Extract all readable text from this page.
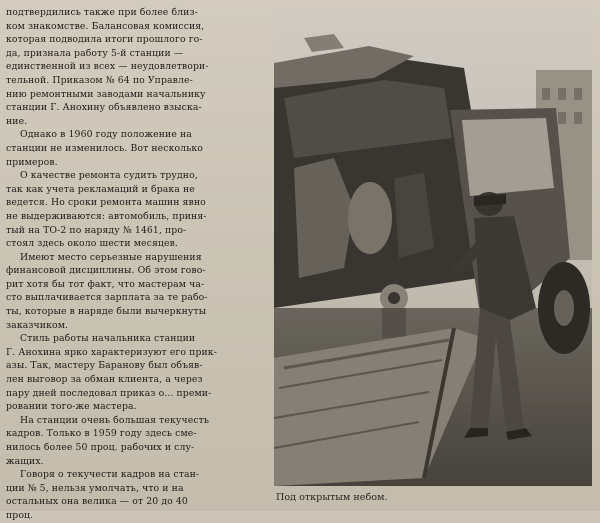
подтвердились также при более близ-
ком знакомстве. Балансовая комиссия,
которая подводила итоги прошлого го-
да, признала работу 5-й станции —
единственной из всех — неудовлетвори-
тельной. Приказом № 64 по Управле-
нию ремонтными заводами начальнику
станции Г. Анохину объявлено взыска-
ние.

Однако в 1960 году положение на
станции не изменилось. Вот несколько
примеров.

О качестве ремонта судить трудно,
так как учета рекламаций и брака не
ведется. Но сроки ремонта машин явно
не выдерживаются: автомобиль, приня-
тый на ТО-2 по наряду № 1461, про-
стоял здесь около шести месяцев.

Имеют место серьезные нарушения
финансовой дисциплины. Об этом гово-
рит хотя бы тот факт, что мастерам ча-
сто выплачивается зарплата за те рабо-
ты, которые в наряде были вычеркнуты
заказчиком.

Стиль работы начальника станции
Г. Анохина ярко характеризуют его прик-
азы. Так, мастеру Баранову был объяв-
лен выговор за обман клиента, а через
пару дней последовал приказ о... преми-
ровании того-же мастера.

На станции очень большая текучесть
кадров. Только в 1959 году здесь сме-
нилось более 50 проц. рабочих и слу-
жащих.

Говоря о текучести кадров на стан-
ции № 5, нельзя умолчать, что и на
остальных она велика — от 20 до 40
проц.

Под открытым небом.
